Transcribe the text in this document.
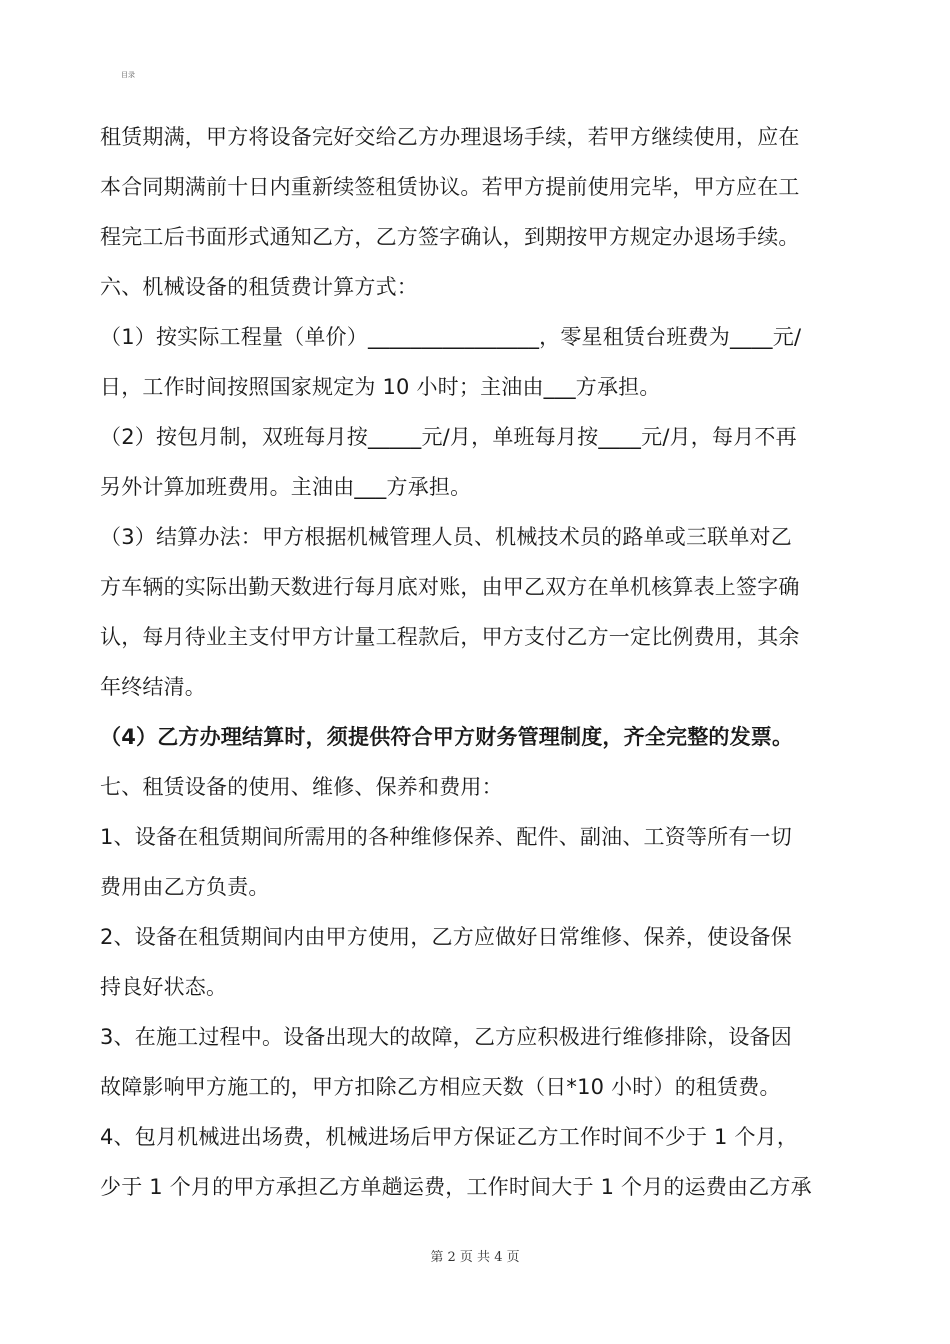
目录
租赁期满，甲方将设备完好交给乙方办理退场手续，若甲方继续使用，应在
本合同期满前十日内重新续签租赁协议。若甲方提前使用完毕，甲方应在工
程完工后书面形式通知乙方，乙方签字确认，到期按甲方规定办退场手续。
六、机械设备的租赁费计算方式：
（1）按实际工程量（单价）________________，零星租赁台班费为____元/
日，工作时间按照国家规定为 10 小时；主油由___方承担。
（2）按包月制，双班每月按_____元/月，单班每月按____元/月，每月不再
另外计算加班费用。主油由___方承担。
（3）结算办法：甲方根据机械管理人员、机械技术员的路单或三联单对乙
方车辆的实际出勤天数进行每月底对账，由甲乙双方在单机核算表上签字确
认，每月待业主支付甲方计量工程款后，甲方支付乙方一定比例费用，其余
年终结清。
（4）乙方办理结算时，须提供符合甲方财务管理制度，齐全完整的发票。
七、租赁设备的使用、维修、保养和费用：
1、设备在租赁期间所需用的各种维修保养、配件、副油、工资等所有一切
费用由乙方负责。
2、设备在租赁期间内由甲方使用，乙方应做好日常维修、保养，使设备保
持良好状态。
3、在施工过程中。设备出现大的故障，乙方应积极进行维修排除，设备因
故障影响甲方施工的，甲方扣除乙方相应天数（日*10 小时）的租赁费。
4、包月机械进出场费，机械进场后甲方保证乙方工作时间不少于 1 个月，
少于 1 个月的甲方承担乙方单趟运费，工作时间大于 1 个月的运费由乙方承
第 2 页 共 4 页
